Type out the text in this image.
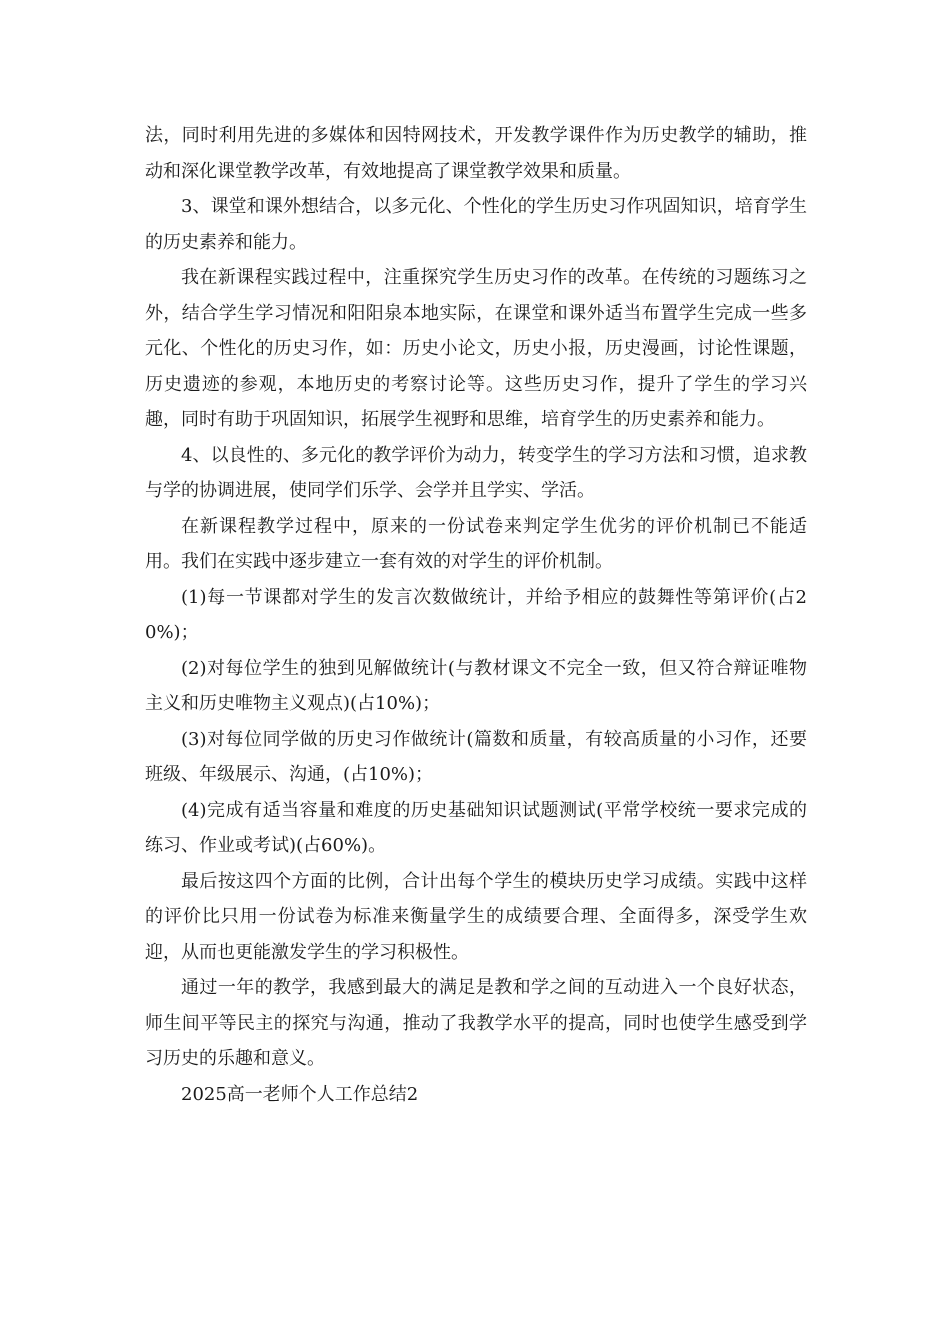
法，同时利用先进的多媒体和因特网技术，开发教学课件作为历史教学的辅助，推动和深化课堂教学改革，有效地提高了课堂教学效果和质量。

3、课堂和课外想结合，以多元化、个性化的学生历史习作巩固知识，培育学生的历史素养和能力。

我在新课程实践过程中，注重探究学生历史习作的改革。在传统的习题练习之外，结合学生学习情况和阳阳泉本地实际，在课堂和课外适当布置学生完成一些多元化、个性化的历史习作，如：历史小论文，历史小报，历史漫画，讨论性课题，历史遗迹的参观，本地历史的考察讨论等。这些历史习作，提升了学生的学习兴趣，同时有助于巩固知识，拓展学生视野和思维，培育学生的历史素养和能力。

4、以良性的、多元化的教学评价为动力，转变学生的学习方法和习惯，追求教与学的协调进展，使同学们乐学、会学并且学实、学活。

在新课程教学过程中，原来的一份试卷来判定学生优劣的评价机制已不能适用。我们在实践中逐步建立一套有效的对学生的评价机制。

(1)每一节课都对学生的发言次数做统计，并给予相应的鼓舞性等第评价(占20%)；

(2)对每位学生的独到见解做统计(与教材课文不完全一致，但又符合辩证唯物主义和历史唯物主义观点)(占10%)；

(3)对每位同学做的历史习作做统计(篇数和质量，有较高质量的小习作，还要班级、年级展示、沟通，(占10%)；

(4)完成有适当容量和难度的历史基础知识试题测试(平常学校统一要求完成的练习、作业或考试)(占60%)。

最后按这四个方面的比例，合计出每个学生的模块历史学习成绩。实践中这样的评价比只用一份试卷为标准来衡量学生的成绩要合理、全面得多，深受学生欢迎，从而也更能激发学生的学习积极性。

通过一年的教学，我感到最大的满足是教和学之间的互动进入一个良好状态，师生间平等民主的探究与沟通，推动了我教学水平的提高，同时也使学生感受到学习历史的乐趣和意义。

2025高一老师个人工作总结2
